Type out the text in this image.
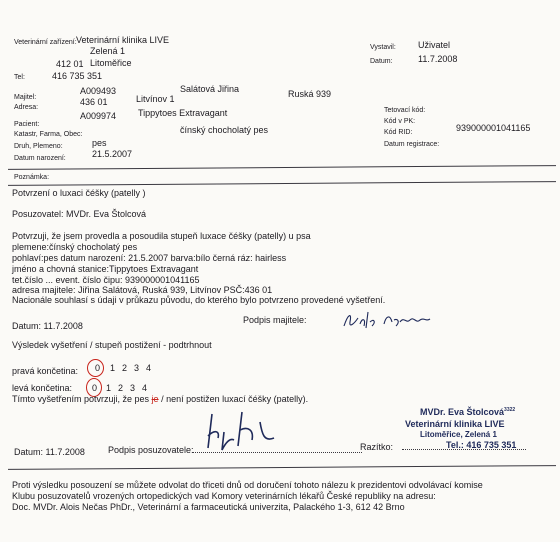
Veterinární zařízení: Veterinární klinika LIVE
Zelená 1
412 01 Litoměřice
Tel:	416 735 351
Vystavil: Uživatel
Datum:	11.7.2008
Majitel:
A009493	Salátová Jiřina
Adresa:
436 01	Litvínov 1	Ruská 939
Tetovací kód:
Kód v PK:
Kód RID:	939000001041165
Datum registrace:
Pacient:
A009974 Tippytoes Extravagant
Katastr, Farma, Obec:
Druh, Plemeno:	pes
čínský chocholatý pes
Datum narození:	21.5.2007
Poznámka:
Potvrzení o luxaci čéšky (patelly )
Posuzovatel: MVDr. Eva Štolcová
Potvrzuji, že jsem provedla a posoudila stupeň luxace čéšky (patelly) u psa
plemene:čínský chocholatý pes
pohlaví:pes datum narození: 21.5.2007 barva:bílo černá ráz: hairless
jméno a chovná stanice:Tippytoes Extravagant
tet.číslo ... event. číslo čipu: 939000001041165
adresa majitele: Jiřina Salátová, Ruská 939, Litvínov PSČ:436 01
Nacionále souhlasí s údaji v průkazu původu, do kterého bylo potvrzeno provedené vyšetření.
Datum: 11.7.2008
Podpis majitele:
Výsledek vyšetření / stupeň postižení - podtrhnout
pravá končetina: 0 1 2 3 4
levá končetina: 0 1 2 3 4
Tímto vyšetřením potvrzuji, že pes je / není postižen luxací čéšky (patelly).
MVDr. Eva Štolcová$^{3322}$
Veterinární klinika LIVE
Litoměřice, Zelená 1
Tel.: 416 735 351
Datum: 11.7.2008	Podpis posuzovatele:	Razítko:
Proti výsledku posouzení se můžete odvolat do třiceti dnů od doručení tohoto nálezu k prezidentovi odvolávací komise
Klubu posuzovatelů vrozených ortopedických vad Komory veterinárních lékařů České republiky na adresu:
Doc. MVDr. Alois Nečas PhDr., Veterinární a farmaceutická univerzita, Palackého 1-3, 612 42 Brno
